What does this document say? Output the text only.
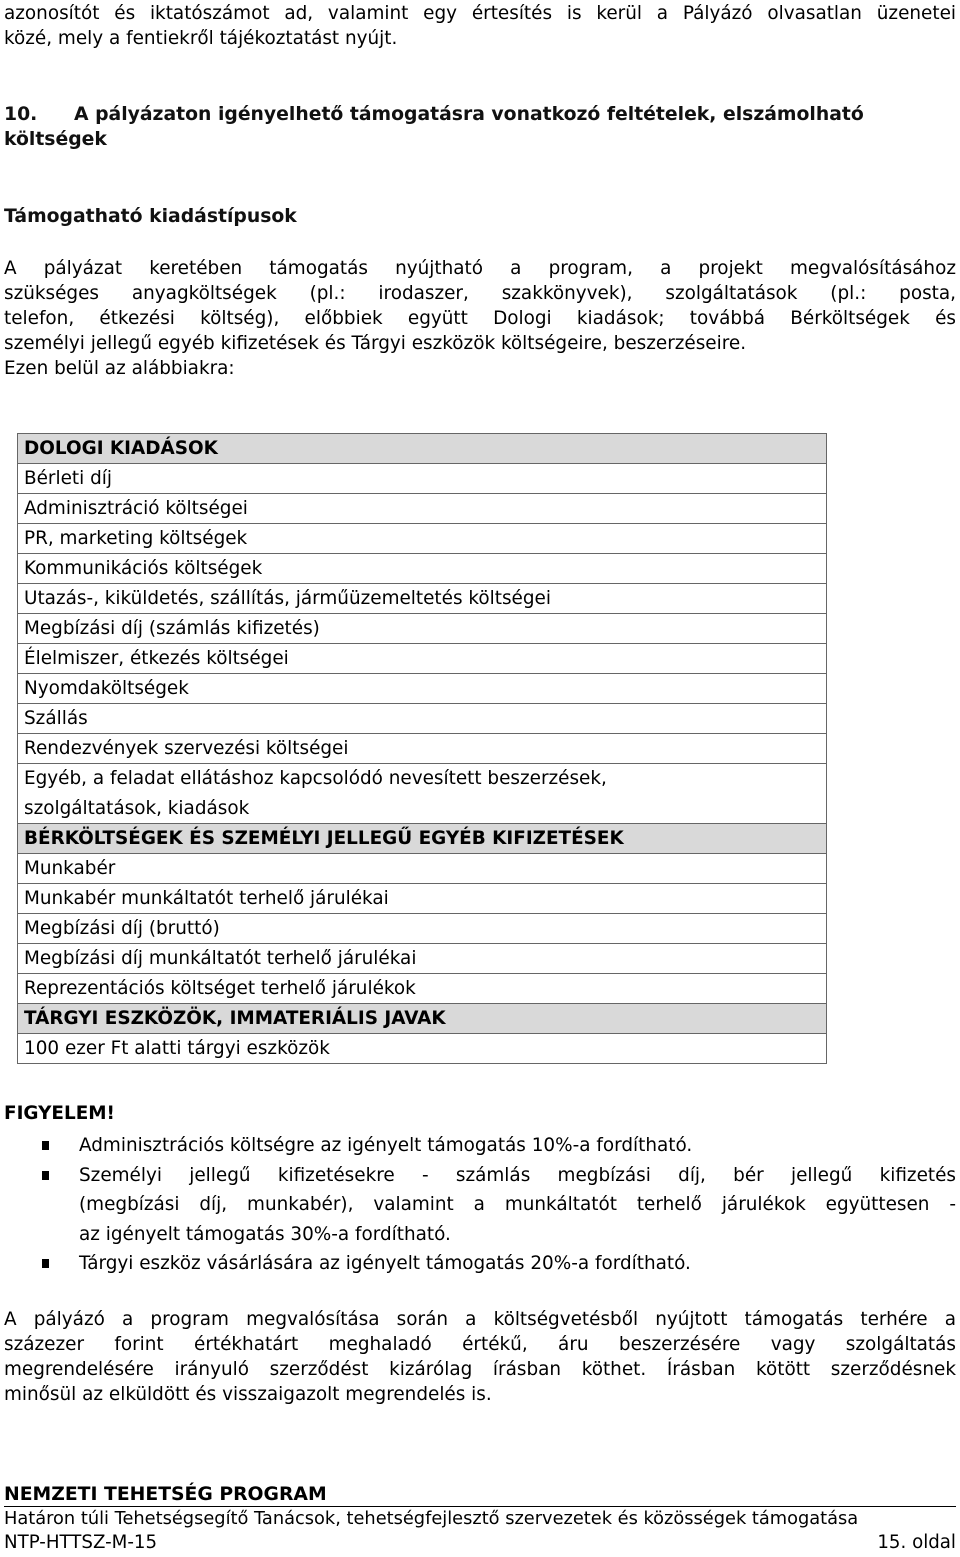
azonosítót és iktatószámot ad, valamint egy értesítés is kerül a Pályázó olvasatlan üzenetei
közé, mely a fentiekről tájékoztatást nyújt.
10. A pályázaton igényelhető támogatásra vonatkozó feltételek, elszámolható
költségek
Támogatható kiadástípusok
A pályázat keretében támogatás nyújtható a program, a projekt megvalósításához
szükséges anyagköltségek (pl.: irodaszer, szakkönyvek), szolgáltatások (pl.: posta,
telefon, étkezési költség), előbbiek együtt Dologi kiadások; továbbá Bérköltségek és
személyi jellegű egyéb kifizetések és Tárgyi eszközök költségeire, beszerzéseire.
Ezen belül az alábbiakra:
DOLOGI KIADÁSOK
Bérleti díj
Adminisztráció költségei
PR, marketing költségek
Kommunikációs költségek
Utazás-, kiküldetés, szállítás, járműüzemeltetés költségei
Megbízási díj (számlás kifizetés)
Élelmiszer, étkezés költségei
Nyomdaköltségek
Szállás
Rendezvények szervezési költségei
Egyéb, a feladat ellátáshoz kapcsolódó nevesített beszerzések,
szolgáltatások, kiadások
BÉRKÖLTSÉGEK ÉS SZEMÉLYI JELLEGŰ EGYÉB KIFIZETÉSEK
Munkabér
Munkabér munkáltatót terhelő járulékai
Megbízási díj (bruttó)
Megbízási díj munkáltatót terhelő járulékai
Reprezentációs költséget terhelő járulékok
TÁRGYI ESZKÖZÖK, IMMATERIÁLIS JAVAK
100 ezer Ft alatti tárgyi eszközök
FIGYELEM!
Adminisztrációs költségre az igényelt támogatás 10%-a fordítható.
Személyi jellegű kifizetésekre - számlás megbízási díj, bér jellegű kifizetés
(megbízási díj, munkabér), valamint a munkáltatót terhelő járulékok együttesen -
az igényelt támogatás 30%-a fordítható.
Tárgyi eszköz vásárlására az igényelt támogatás 20%-a fordítható.
A pályázó a program megvalósítása során a költségvetésből nyújtott támogatás terhére a
százezer forint értékhatárt meghaladó értékű, áru beszerzésére vagy szolgáltatás
megrendelésére irányuló szerződést kizárólag írásban köthet. Írásban kötött szerződésnek
minősül az elküldött és visszaigazolt megrendelés is.
NEMZETI TEHETSÉG PROGRAM
Határon túli Tehetségsegítő Tanácsok, tehetségfejlesztő szervezetek és közösségek támogatása
NTP-HTTSZ-M-15	15. oldal
